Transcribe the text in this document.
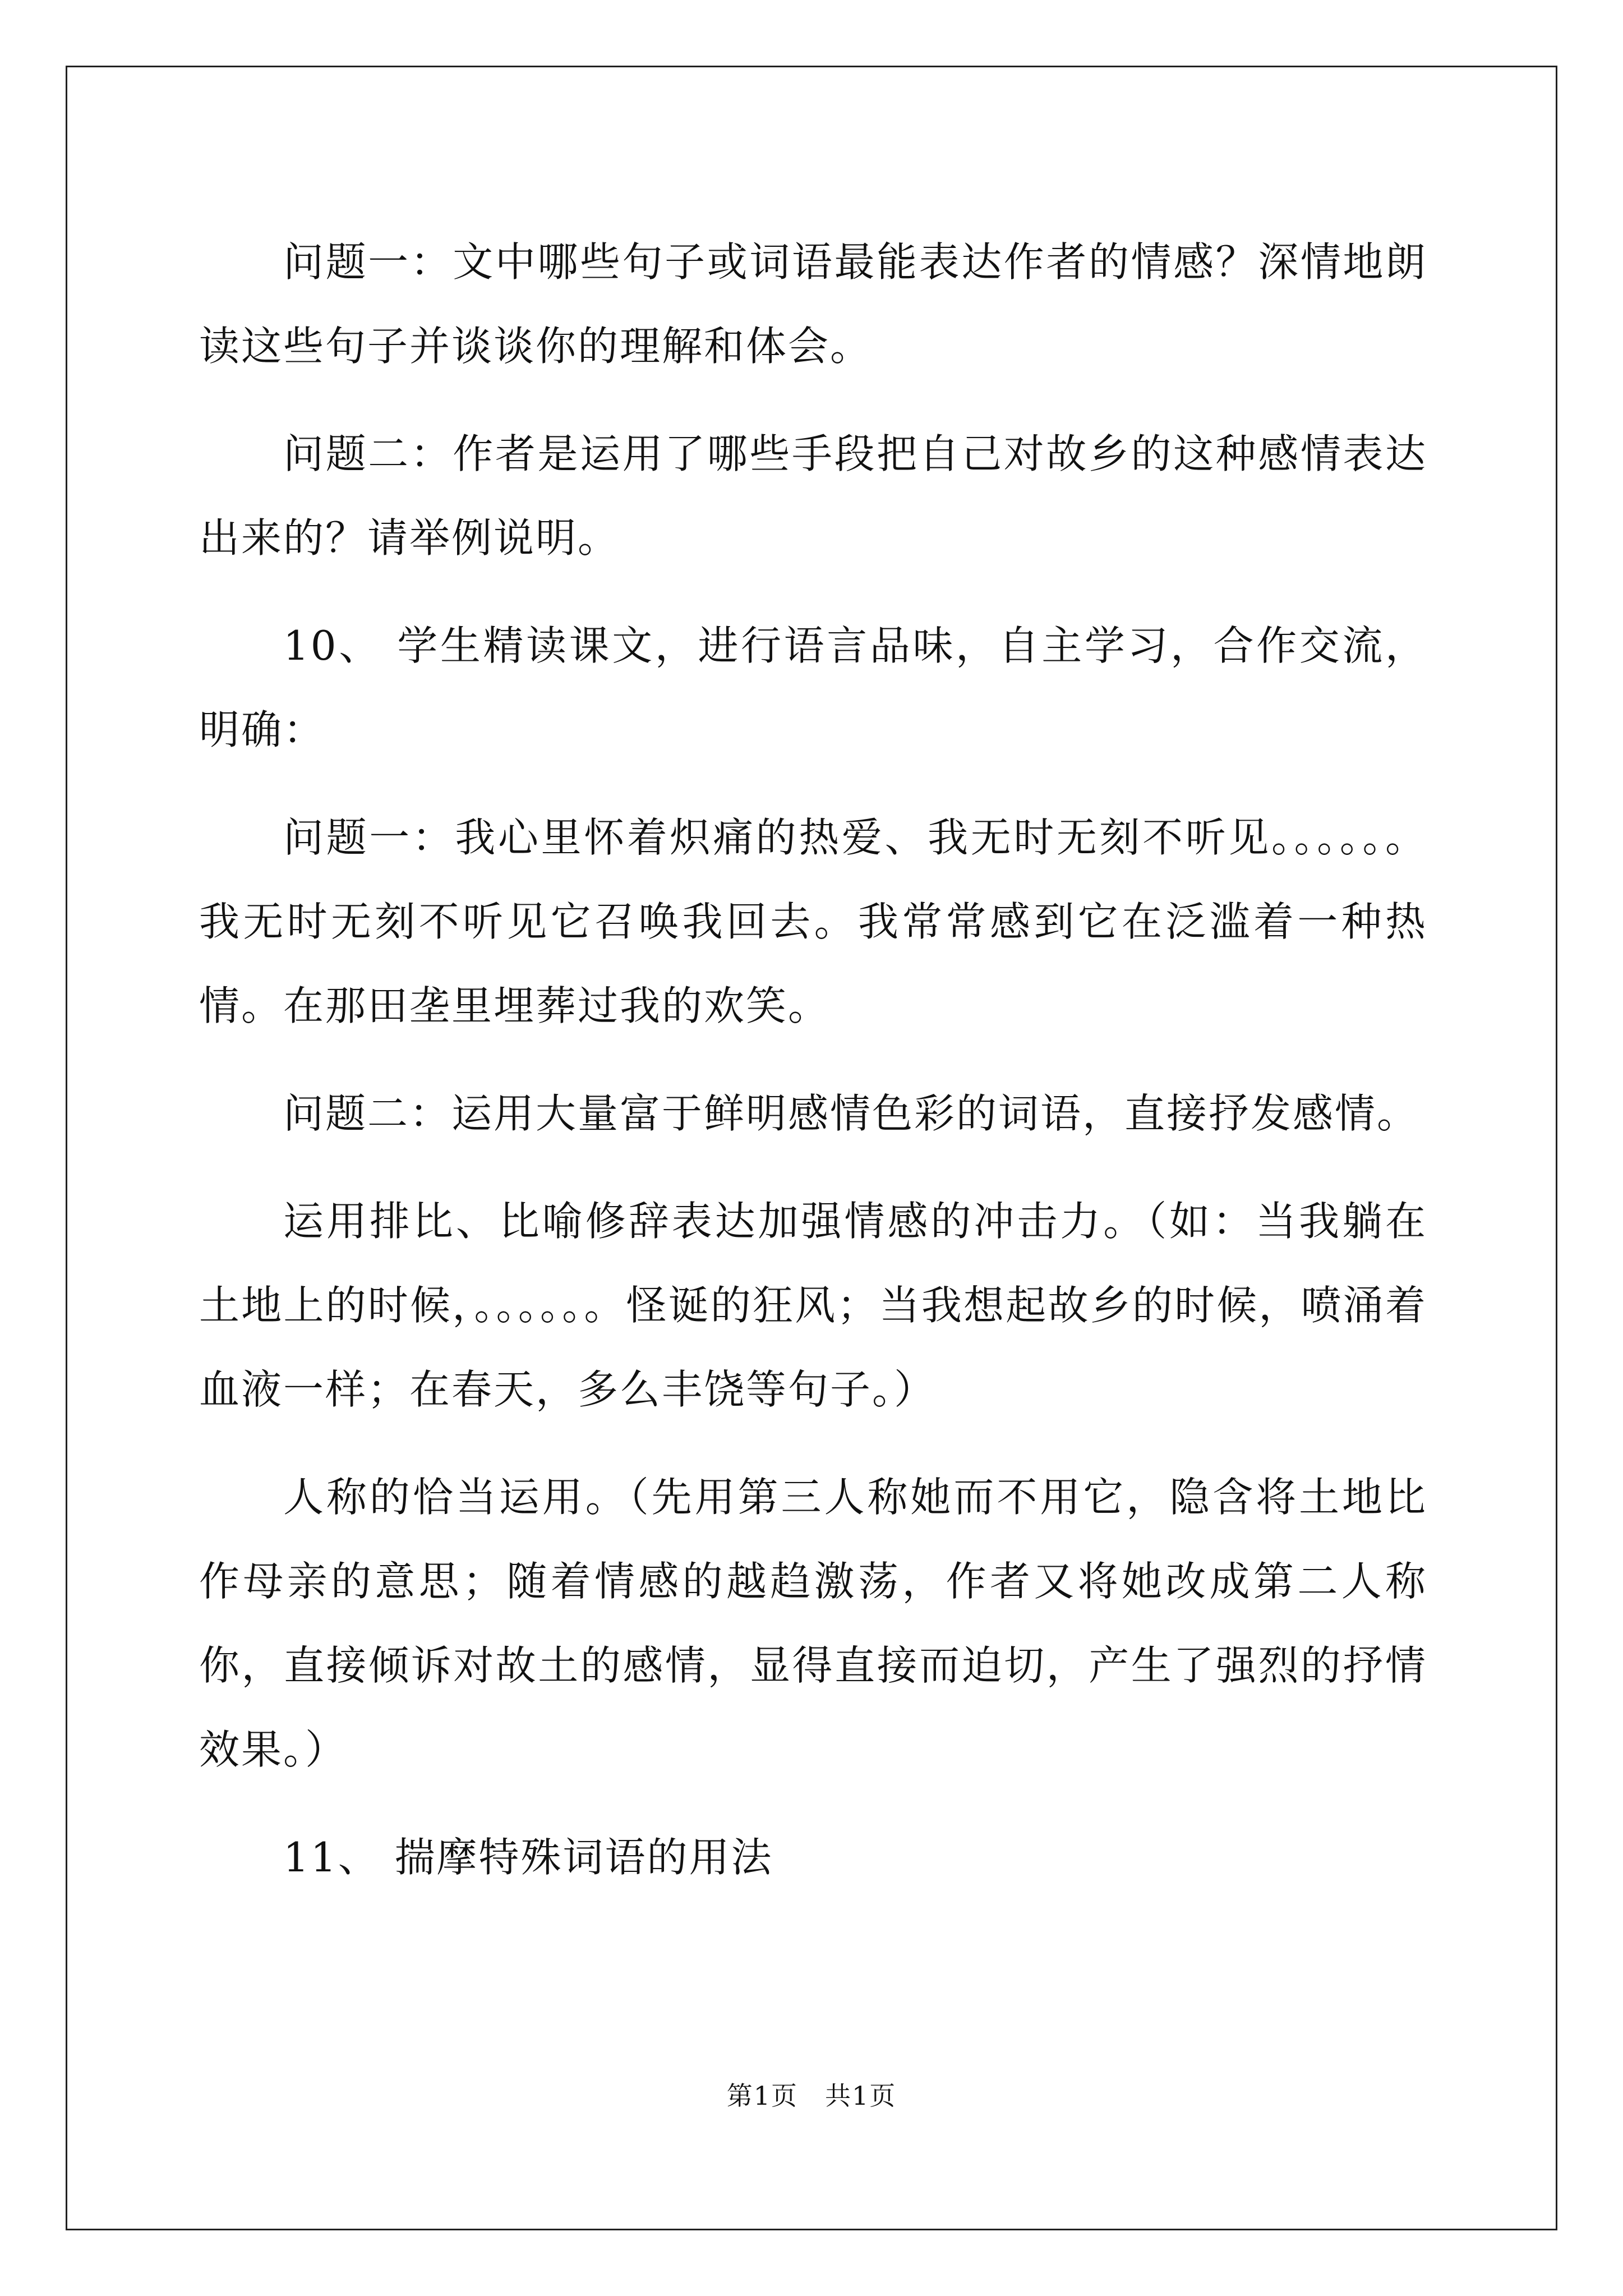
问题一：文中哪些句子或词语最能表达作者的情感？深情地朗读这些句子并谈谈你的理解和体会。

问题二：作者是运用了哪些手段把自己对故乡的这种感情表达出来的？请举例说明。

10、 学生精读课文，进行语言品味，自主学习，合作交流，明确：

问题一：我心里怀着炽痛的热爱、我无时无刻不听见。。。。。。我无时无刻不听见它召唤我回去。我常常感到它在泛滥着一种热情。在那田垄里埋葬过我的欢笑。

问题二：运用大量富于鲜明感情色彩的词语，直接抒发感情。

运用排比、比喻修辞表达加强情感的冲击力。（如：当我躺在土地上的时候，。。。。。。怪诞的狂风；当我想起故乡的时候，喷涌着血液一样；在春天，多么丰饶等句子。）

人称的恰当运用。（先用第三人称她而不用它，隐含将土地比作母亲的意思；随着情感的越趋激荡，作者又将她改成第二人称你，直接倾诉对故土的感情，显得直接而迫切，产生了强烈的抒情效果。）

11、 揣摩特殊词语的用法

第1页　共1页
